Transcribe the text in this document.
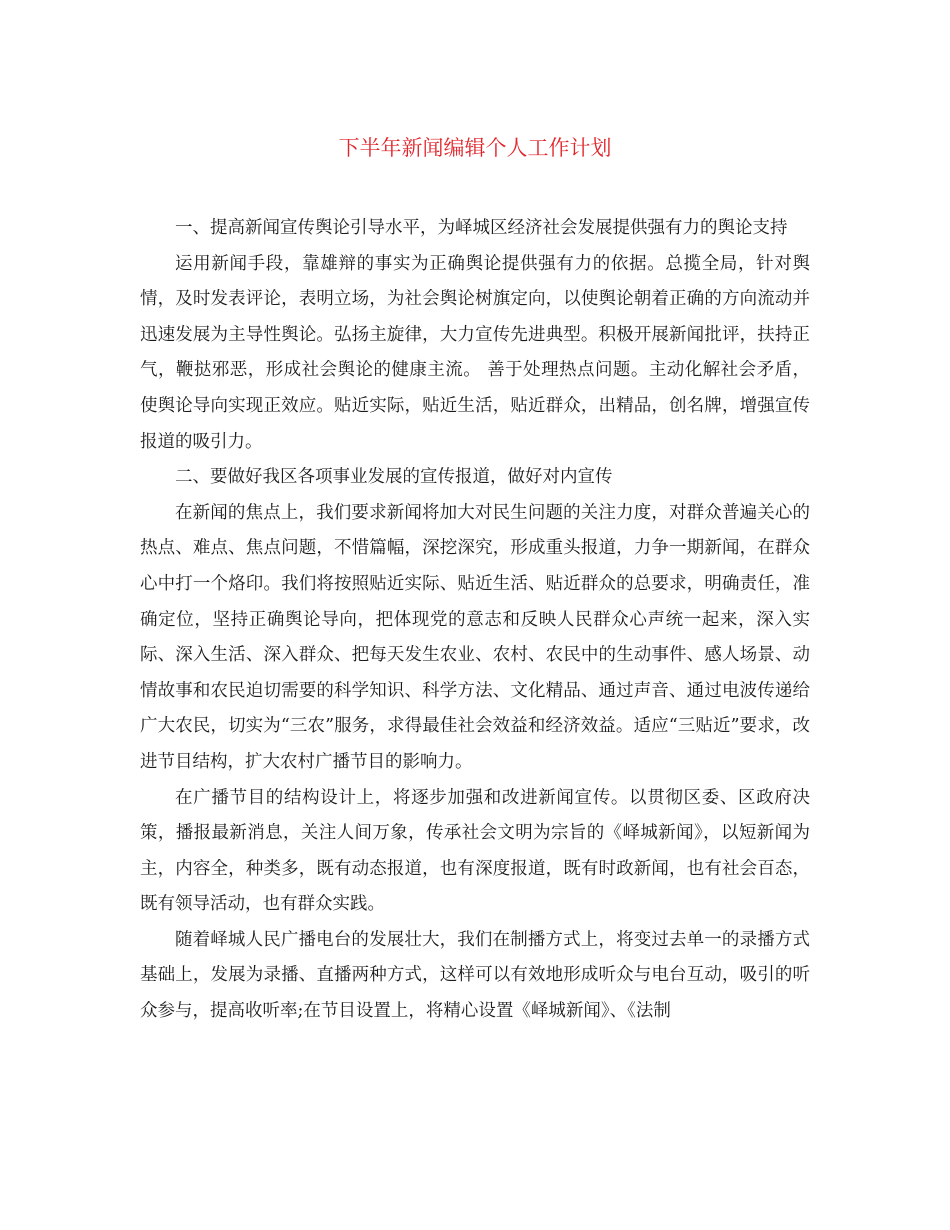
下半年新闻编辑个人工作计划

一、提高新闻宣传舆论引导水平，为峄城区经济社会发展提供强有力的舆论支持

运用新闻手段，靠雄辩的事实为正确舆论提供强有力的依据。总揽全局，针对舆情，及时发表评论，表明立场，为社会舆论树旗定向，以使舆论朝着正确的方向流动并迅速发展为主导性舆论。弘扬主旋律，大力宣传先进典型。积极开展新闻批评，扶持正气，鞭挞邪恶，形成社会舆论的健康主流。 善于处理热点问题。主动化解社会矛盾，使舆论导向实现正效应。贴近实际，贴近生活，贴近群众，出精品，创名牌，增强宣传报道的吸引力。

二、要做好我区各项事业发展的宣传报道，做好对内宣传

在新闻的焦点上，我们要求新闻将加大对民生问题的关注力度，对群众普遍关心的热点、难点、焦点问题，不惜篇幅，深挖深究，形成重头报道，力争一期新闻，在群众心中打一个烙印。我们将按照贴近实际、贴近生活、贴近群众的总要求，明确责任，准确定位，坚持正确舆论导向，把体现党的意志和反映人民群众心声统一起来，深入实际、深入生活、深入群众、把每天发生农业、农村、农民中的生动事件、感人场景、动情故事和农民迫切需要的科学知识、科学方法、文化精品、通过声音、通过电波传递给广大农民，切实为“三农”服务，求得最佳社会效益和经济效益。适应“三贴近”要求，改进节目结构，扩大农村广播节目的影响力。

在广播节目的结构设计上，将逐步加强和改进新闻宣传。以贯彻区委、区政府决策，播报最新消息，关注人间万象，传承社会文明为宗旨的《峄城新闻》，以短新闻为主，内容全，种类多，既有动态报道，也有深度报道，既有时政新闻，也有社会百态，既有领导活动，也有群众实践。

随着峄城人民广播电台的发展壮大，我们在制播方式上，将变过去单一的录播方式基础上，发展为录播、直播两种方式，这样可以有效地形成听众与电台互动，吸引的听众参与，提高收听率;在节目设置上，将精心设置《峄城新闻》、《法制
